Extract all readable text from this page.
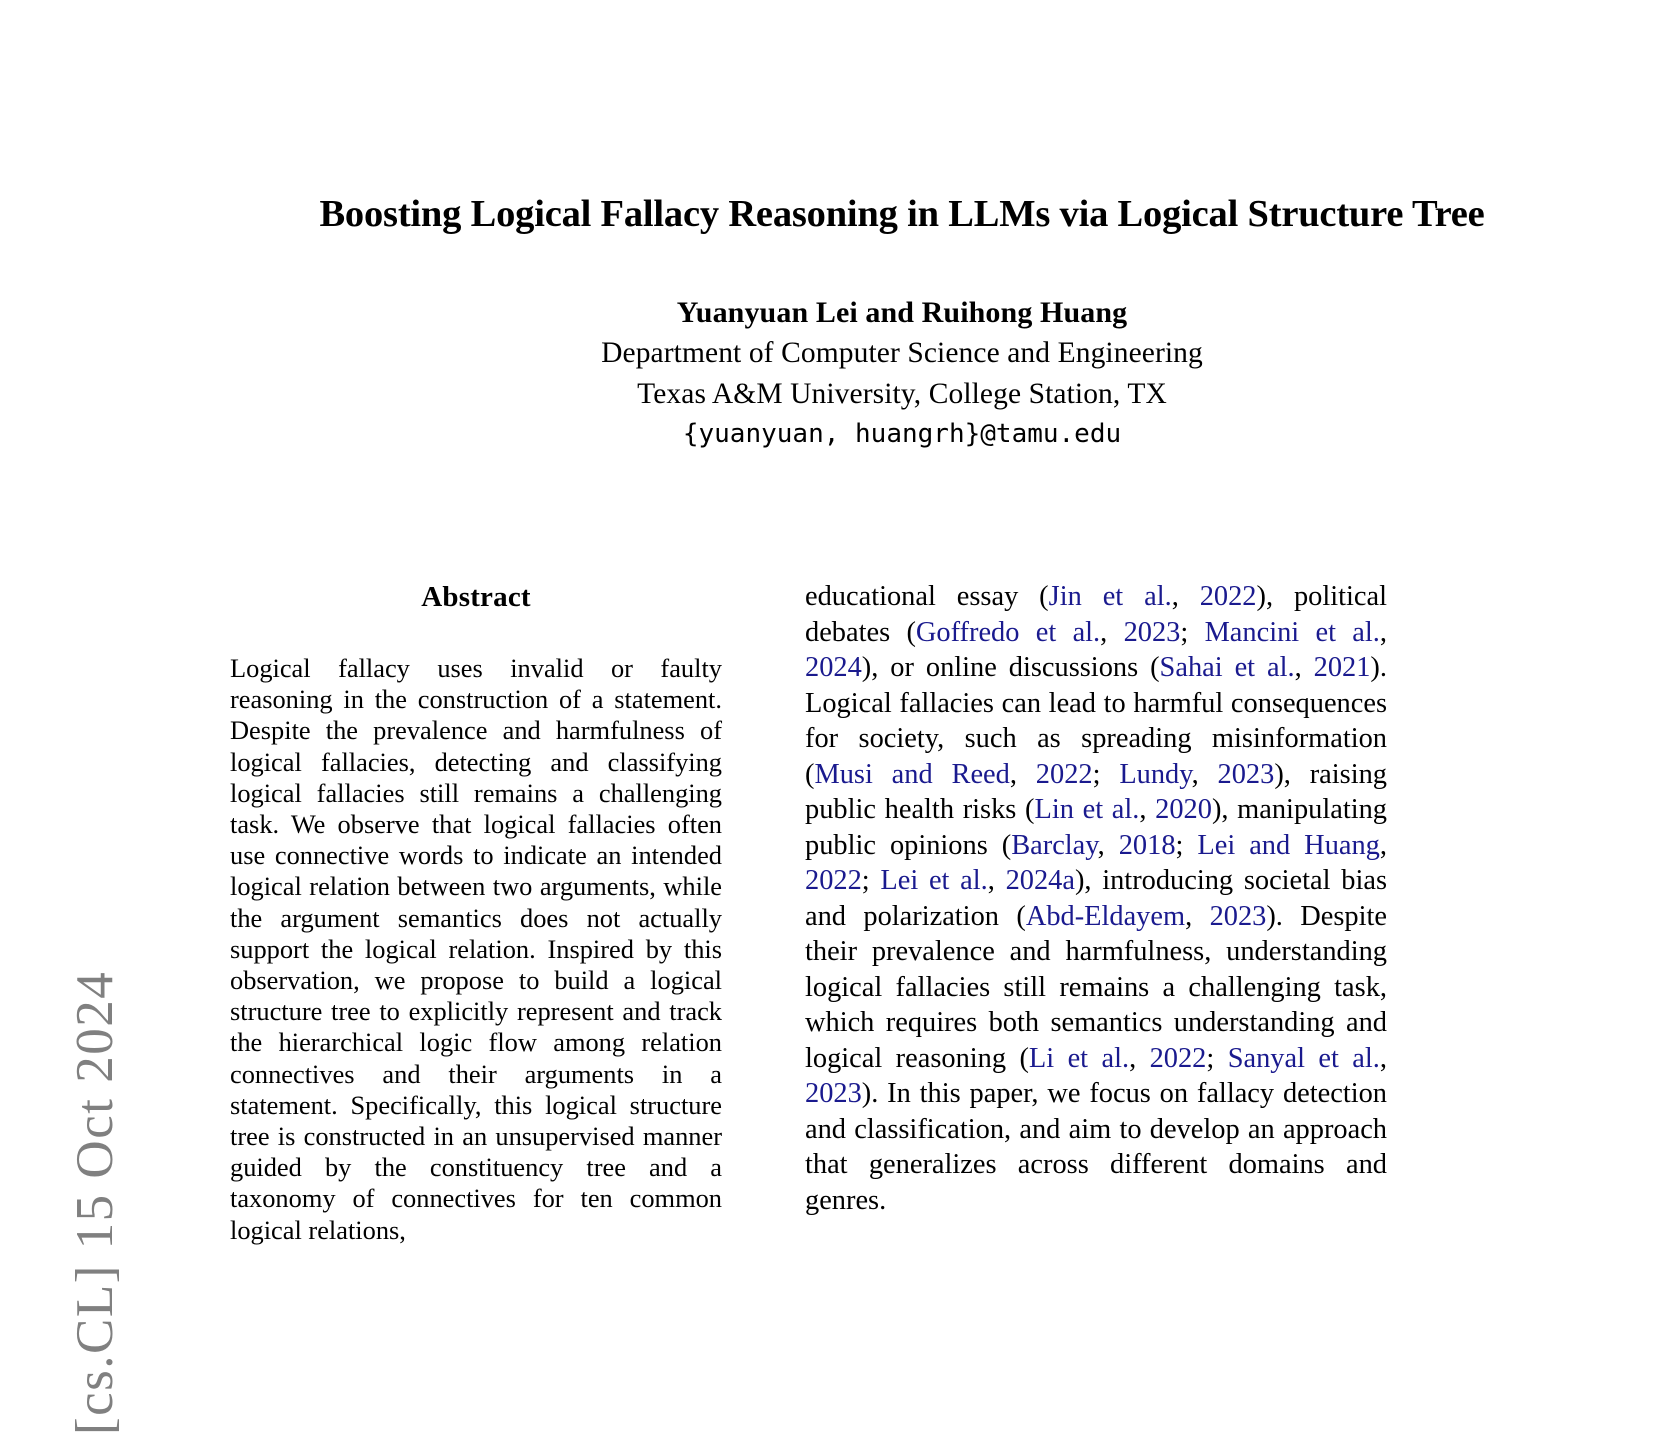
[cs.CL] 15 Oct 2024
Boosting Logical Fallacy Reasoning in LLMs via Logical Structure Tree
Yuanyuan Lei and Ruihong Huang
Department of Computer Science and Engineering
Texas A&M University, College Station, TX
{yuanyuan, huangrh}@tamu.edu
Abstract

Logical fallacy uses invalid or faulty reasoning in the construction of a statement. Despite the prevalence and harmfulness of logical fallacies, detecting and classifying logical fallacies still remains a challenging task. We observe that logical fallacies often use connective words to indicate an intended logical relation between two arguments, while the argument semantics does not actually support the logical relation. Inspired by this observation, we propose to build a logical structure tree to explicitly represent and track the hierarchical logic flow among relation connectives and their arguments in a statement. Specifically, this logical structure tree is constructed in an unsupervised manner guided by the constituency tree and a taxonomy of connectives for ten common logical relations,

educational essay (Jin et al., 2022), political debates (Goffredo et al., 2023; Mancini et al., 2024), or online discussions (Sahai et al., 2021). Logical fallacies can lead to harmful consequences for society, such as spreading misinformation (Musi and Reed, 2022; Lundy, 2023), raising public health risks (Lin et al., 2020), manipulating public opinions (Barclay, 2018; Lei and Huang, 2022; Lei et al., 2024a), introducing societal bias and polarization (Abd-Eldayem, 2023). Despite their prevalence and harmfulness, understanding logical fallacies still remains a challenging task, which requires both semantics understanding and logical reasoning (Li et al., 2022; Sanyal et al., 2023). In this paper, we focus on fallacy detection and classification, and aim to develop an approach that generalizes across different domains and genres.
